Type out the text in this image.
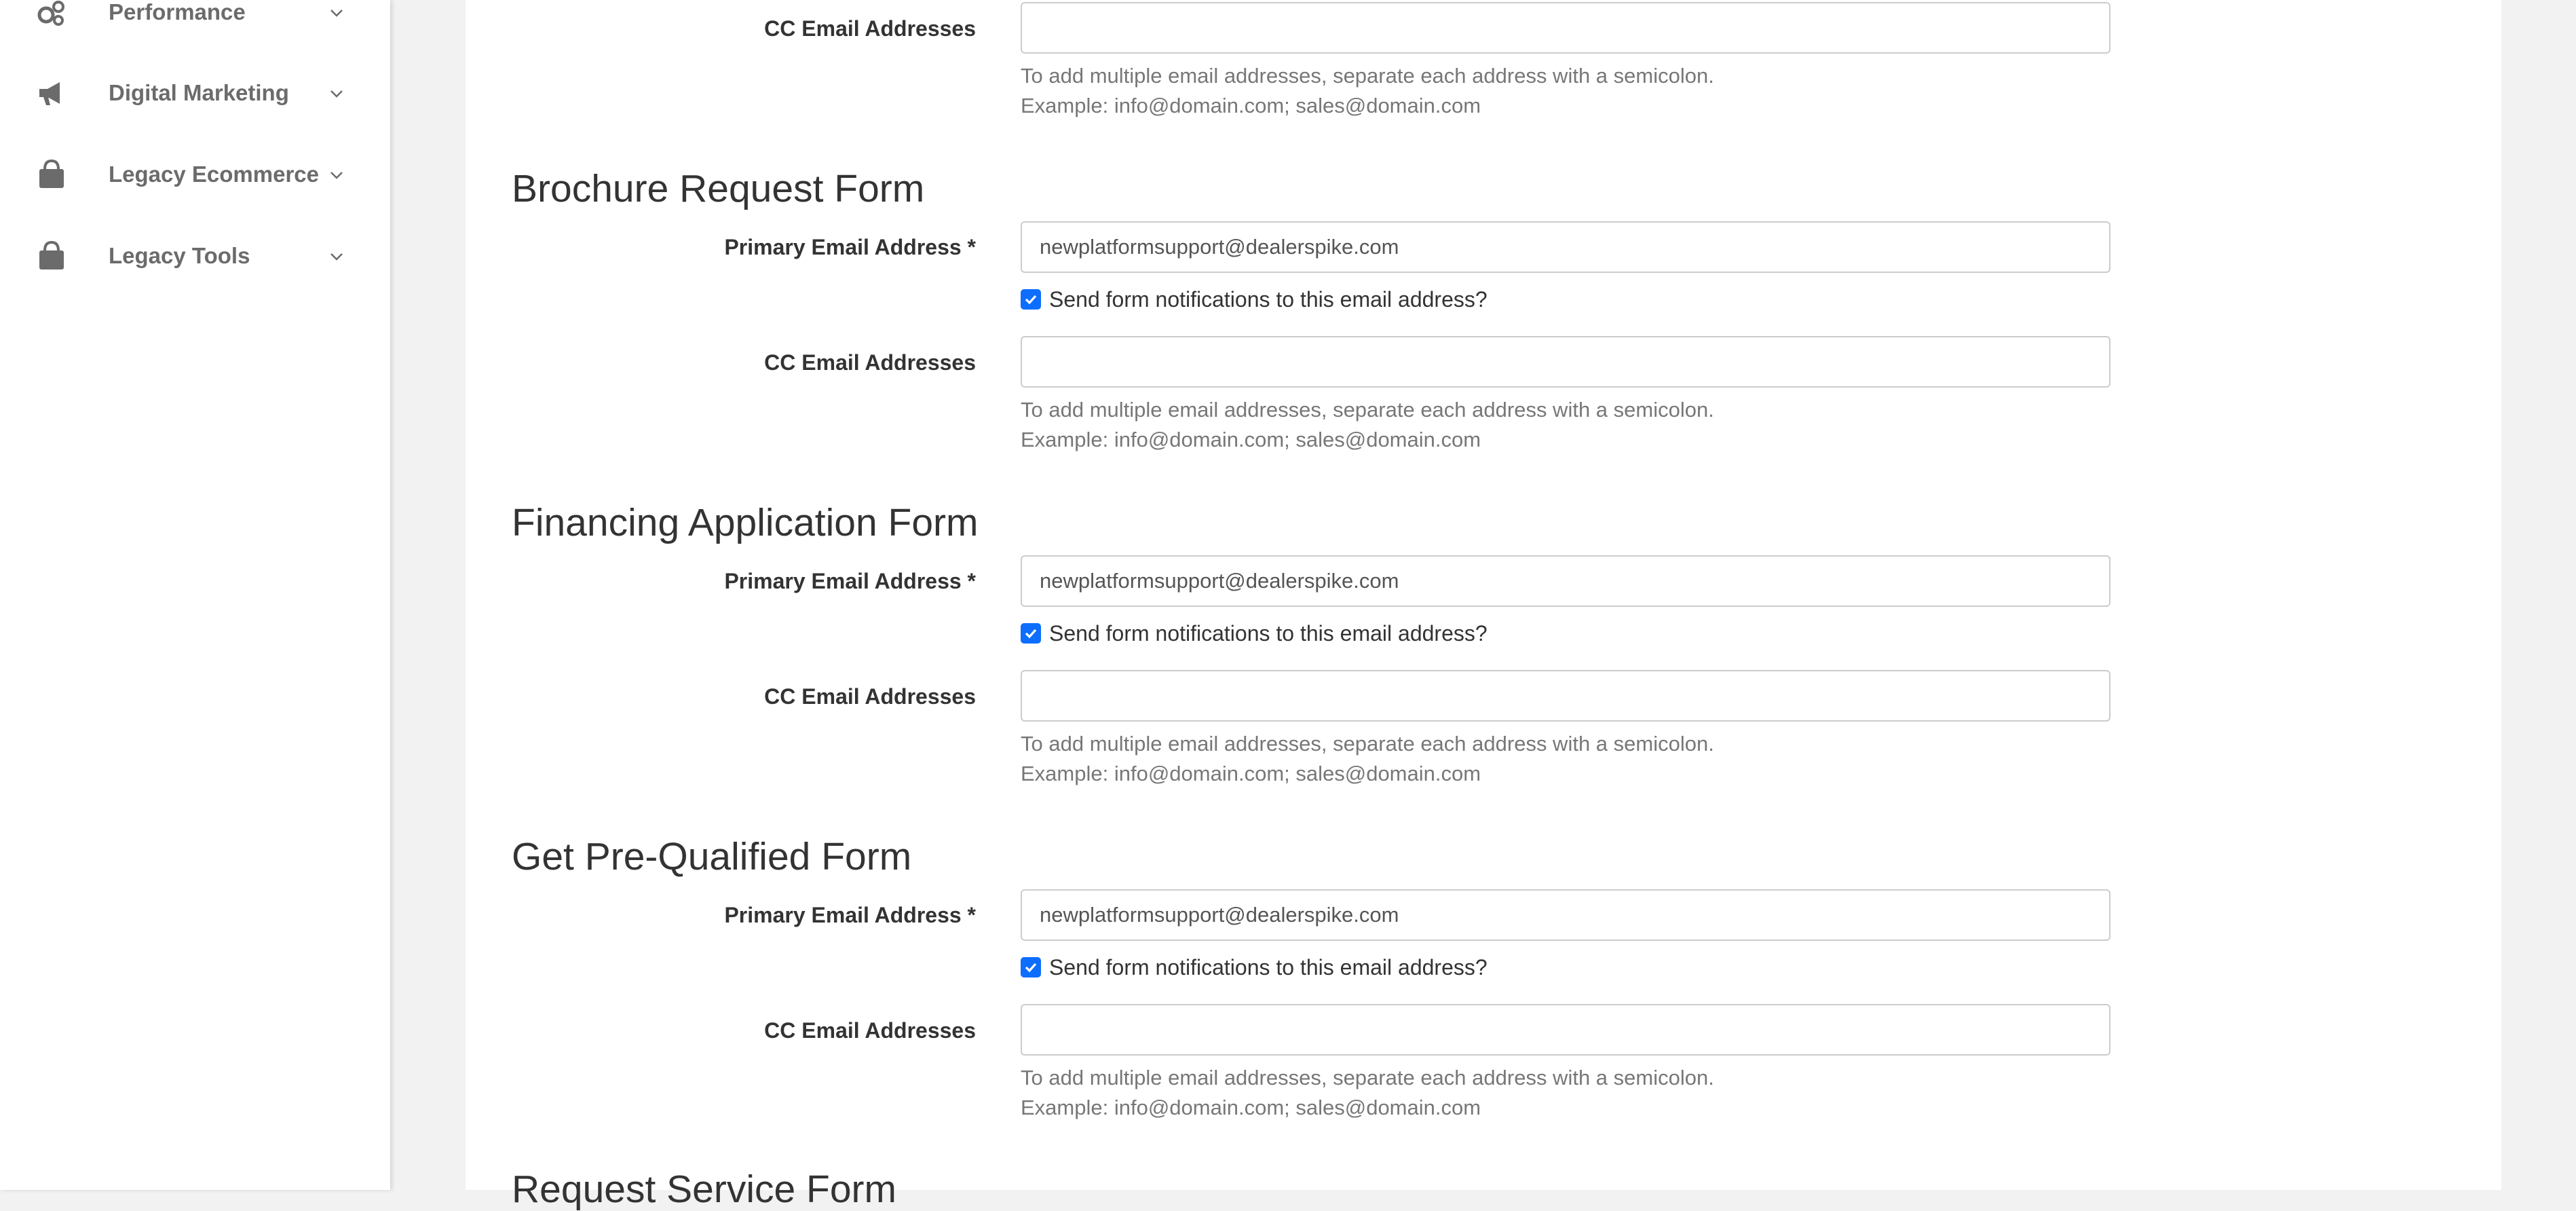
Performance
Digital Marketing
Legacy Ecommerce
Legacy Tools
CC Email Addresses
To add multiple email addresses, separate each address with a semicolon.
Example: info@domain.com; sales@domain.com
Brochure Request Form
Primary Email Address *
newplatformsupport@dealerspike.com
Send form notifications to this email address?
CC Email Addresses
To add multiple email addresses, separate each address with a semicolon.
Example: info@domain.com; sales@domain.com
Financing Application Form
Primary Email Address *
newplatformsupport@dealerspike.com
Send form notifications to this email address?
CC Email Addresses
To add multiple email addresses, separate each address with a semicolon.
Example: info@domain.com; sales@domain.com
Get Pre-Qualified Form
Primary Email Address *
newplatformsupport@dealerspike.com
Send form notifications to this email address?
CC Email Addresses
To add multiple email addresses, separate each address with a semicolon.
Example: info@domain.com; sales@domain.com
Request Service Form
